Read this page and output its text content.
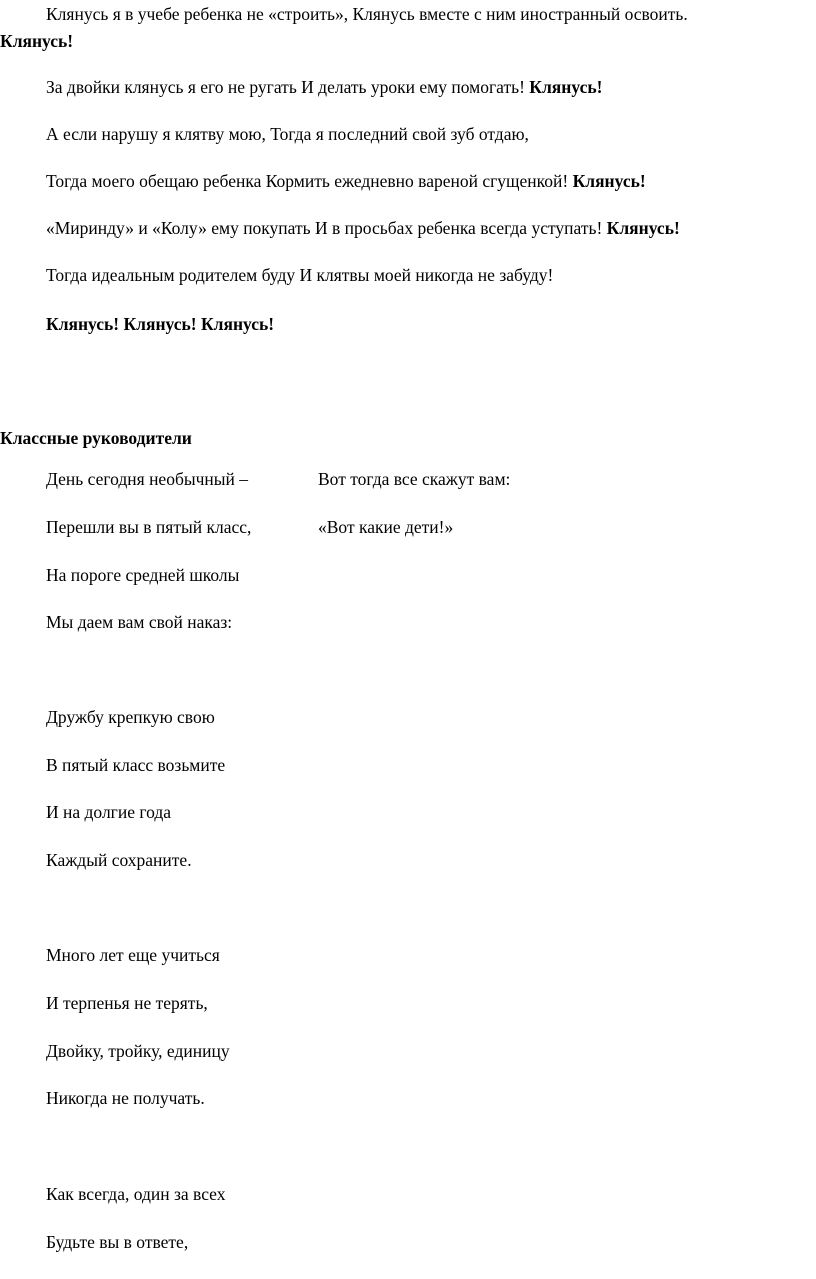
Клянусь я в учебе ребенка не «строить», Клянусь вместе с ним иностранный освоить.
Клянусь!
За двойки клянусь я его не ругать И делать уроки ему помогать! Клянусь!
А если нарушу я клятву мою, Тогда я последний свой зуб отдаю,
Тогда моего обещаю ребенка Кормить ежедневно вареной сгущенкой! Клянусь!
«Миринду» и «Колу» ему покупать И в просьбах ребенка всегда уступать! Клянусь!
Тогда идеальным родителем буду И клятвы моей никогда не забуду!
Клянусь! Клянусь! Клянусь!
Классные руководители
День сегодня необычный –	Вот тогда все скажут вам:
Перешли вы в пятый класс,	«Вот какие дети!»
На пороге средней школы
Мы даем вам свой наказ:
Дружбу крепкую свою
В пятый класс возьмите
И на долгие года
Каждый сохраните.
Много лет еще учиться
И терпенья не терять,
Двойку, тройку, единицу
Никогда не получать.
Как всегда, один за всех
Будьте вы в ответе,
